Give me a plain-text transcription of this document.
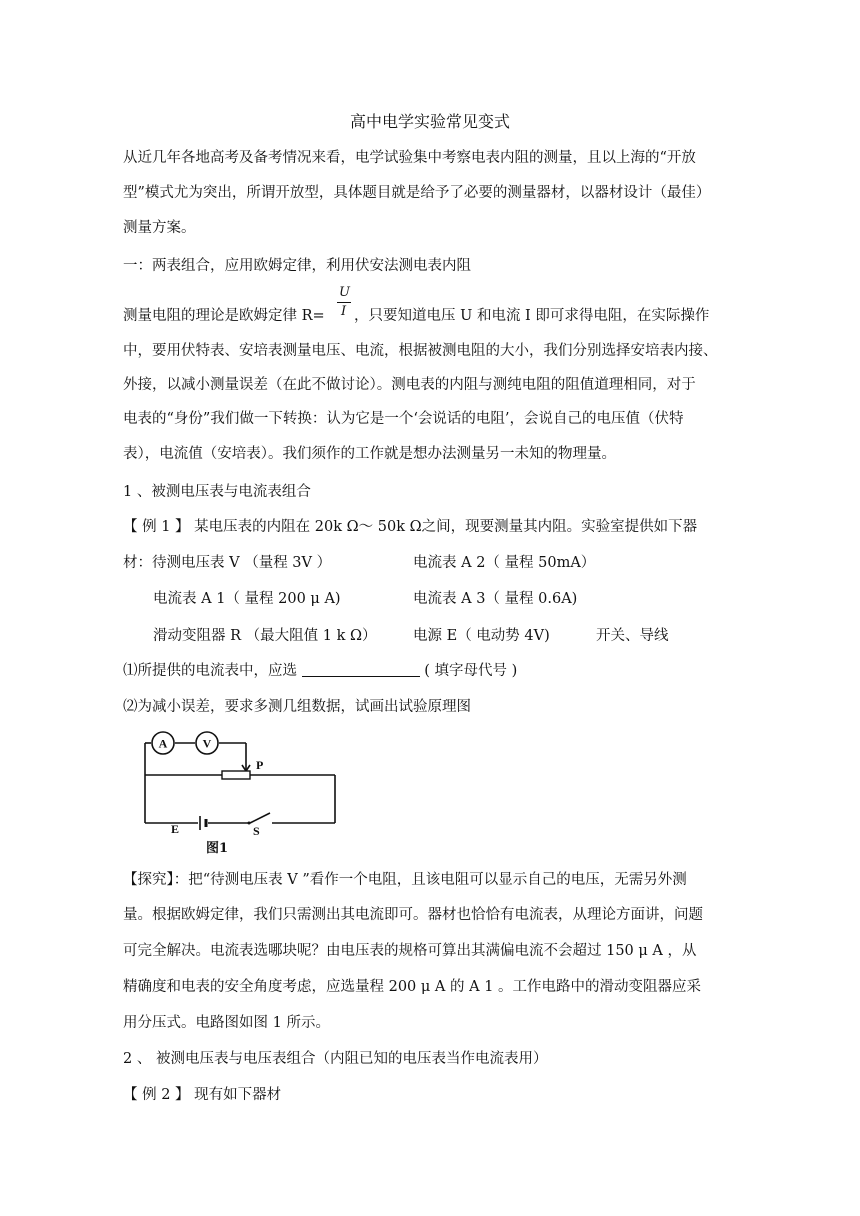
高中电学实验常见变式
从近几年各地高考及备考情况来看，电学试验集中考察电表内阻的测量，且以上海的“开放
型”模式尤为突出，所谓开放型，具体题目就是给予了必要的测量器材，以器材设计（最佳）
测量方案。
一：两表组合，应用欧姆定律，利用伏安法测电表内阻
U
I
测量电阻的理论是欧姆定律 R= ，只要知道电压 U 和电流 I 即可求得电阻，在实际操作
中，要用伏特表、安培表测量电压、电流，根据被测电阻的大小，我们分别选择安培表内接、
外接，以减小测量误差（在此不做讨论）。测电表的内阻与测纯电阻的阻值道理相同，对于
电表的“身份”我们做一下转换：认为它是一个‘会说话的电阻’，会说自己的电压值（伏特
表），电流值（安培表）。我们须作的工作就是想办法测量另一未知的物理量。
1 、被测电压表与电流表组合
【 例 1 】 某电压表的内阻在 20k Ω～ 50k Ω之间，现要测量其内阻。实验室提供如下器
材：待测电压表 V （量程 3V ）	电流表 A 2（ 量程 50mA）
电流表 A 1（ 量程 200 μ A)	电流表 A 3（ 量程 0.6A)
滑动变阻器 R （最大阻值 1 k Ω）	电源 E（ 电动势 4V)	开关、导线
⑴所提供的电流表中，应选	( 填字母代号 )
⑵为减小误差，要求多测几组数据，试画出试验原理图
A	V
P
E	S
图1
【探究】：把“待测电压表 V ”看作一个电阻，且该电阻可以显示自己的电压，无需另外测
量。根据欧姆定律，我们只需测出其电流即可。器材也恰恰有电流表，从理论方面讲，问题
可完全解决。电流表选哪块呢？由电压表的规格可算出其满偏电流不会超过 150 μ A ，从
精确度和电表的安全角度考虑，应选量程 200 μ A 的 A 1 。工作电路中的滑动变阻器应采
用分压式。电路图如图 1 所示。
2 、 被测电压表与电压表组合（内阻已知的电压表当作电流表用）
【 例 2 】 现有如下器材
